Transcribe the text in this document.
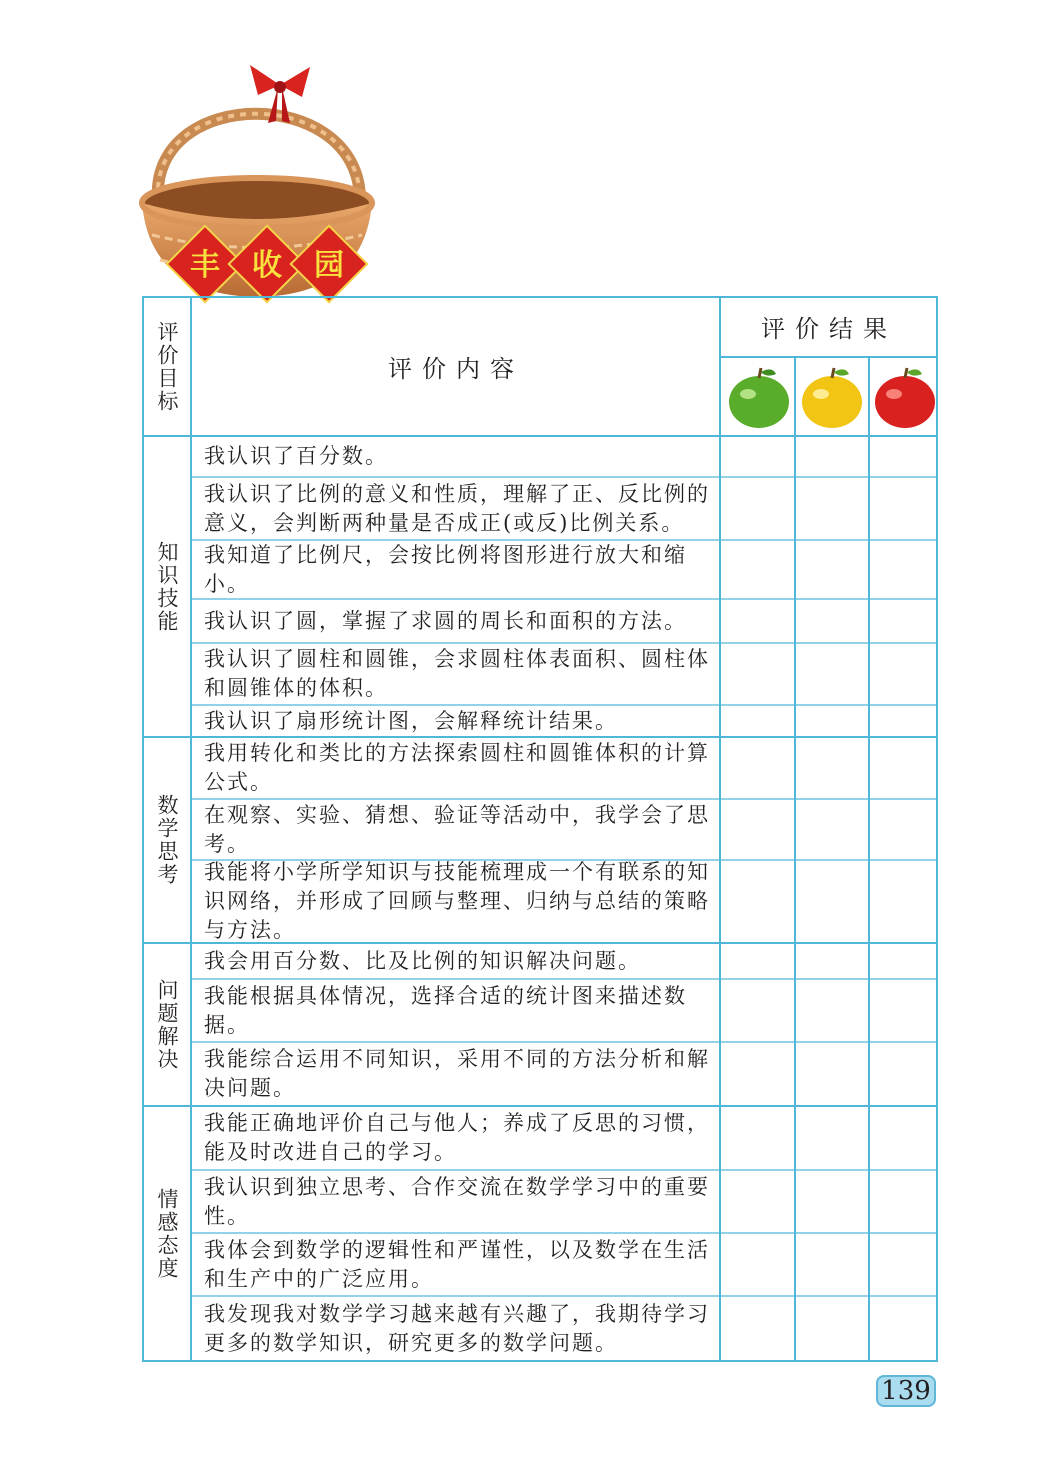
丰 收 园
评价目标	评价内容
评价结果
知识技能
数学思考
问题解决
情感态度
我认识了百分数。
我认识了比例的意义和性质，理解了正、反比例的意义，会判断两种量是否成正(或反)比例关系。
我知道了比例尺，会按比例将图形进行放大和缩小。
我认识了圆，掌握了求圆的周长和面积的方法。
我认识了圆柱和圆锥，会求圆柱体表面积、圆柱体和圆锥体的体积。
我认识了扇形统计图，会解释统计结果。
我用转化和类比的方法探索圆柱和圆锥体积的计算公式。
在观察、实验、猜想、验证等活动中，我学会了思考。
我能将小学所学知识与技能梳理成一个有联系的知识网络，并形成了回顾与整理、归纳与总结的策略与方法。
我会用百分数、比及比例的知识解决问题。
我能根据具体情况，选择合适的统计图来描述数据。
我能综合运用不同知识，采用不同的方法分析和解决问题。
我能正确地评价自己与他人；养成了反思的习惯，能及时改进自己的学习。
我认识到独立思考、合作交流在数学学习中的重要性。
我体会到数学的逻辑性和严谨性，以及数学在生活和生产中的广泛应用。
我发现我对数学学习越来越有兴趣了，我期待学习更多的数学知识，研究更多的数学问题。
139
